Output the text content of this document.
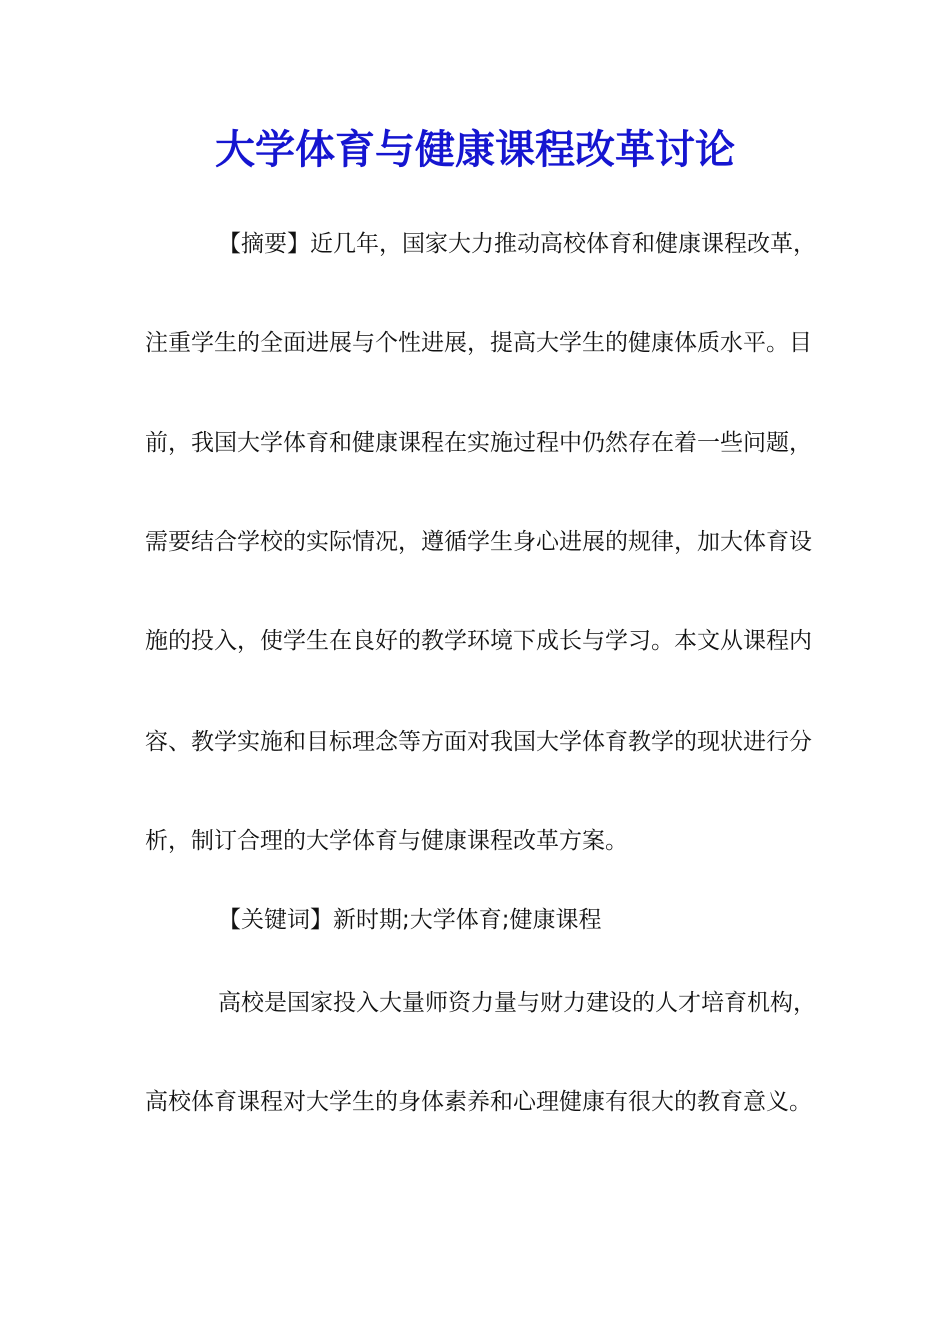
大学体育与健康课程改革讨论
【摘要】近几年，国家大力推动高校体育和健康课程改革，
注重学生的全面进展与个性进展，提高大学生的健康体质水平。目
前，我国大学体育和健康课程在实施过程中仍然存在着一些问题，
需要结合学校的实际情况，遵循学生身心进展的规律，加大体育设
施的投入，使学生在良好的教学环境下成长与学习。本文从课程内
容、教学实施和目标理念等方面对我国大学体育教学的现状进行分
析，制订合理的大学体育与健康课程改革方案。
【关键词】新时期;大学体育;健康课程
高校是国家投入大量师资力量与财力建设的人才培育机构，
高校体育课程对大学生的身体素养和心理健康有很大的教育意义。
